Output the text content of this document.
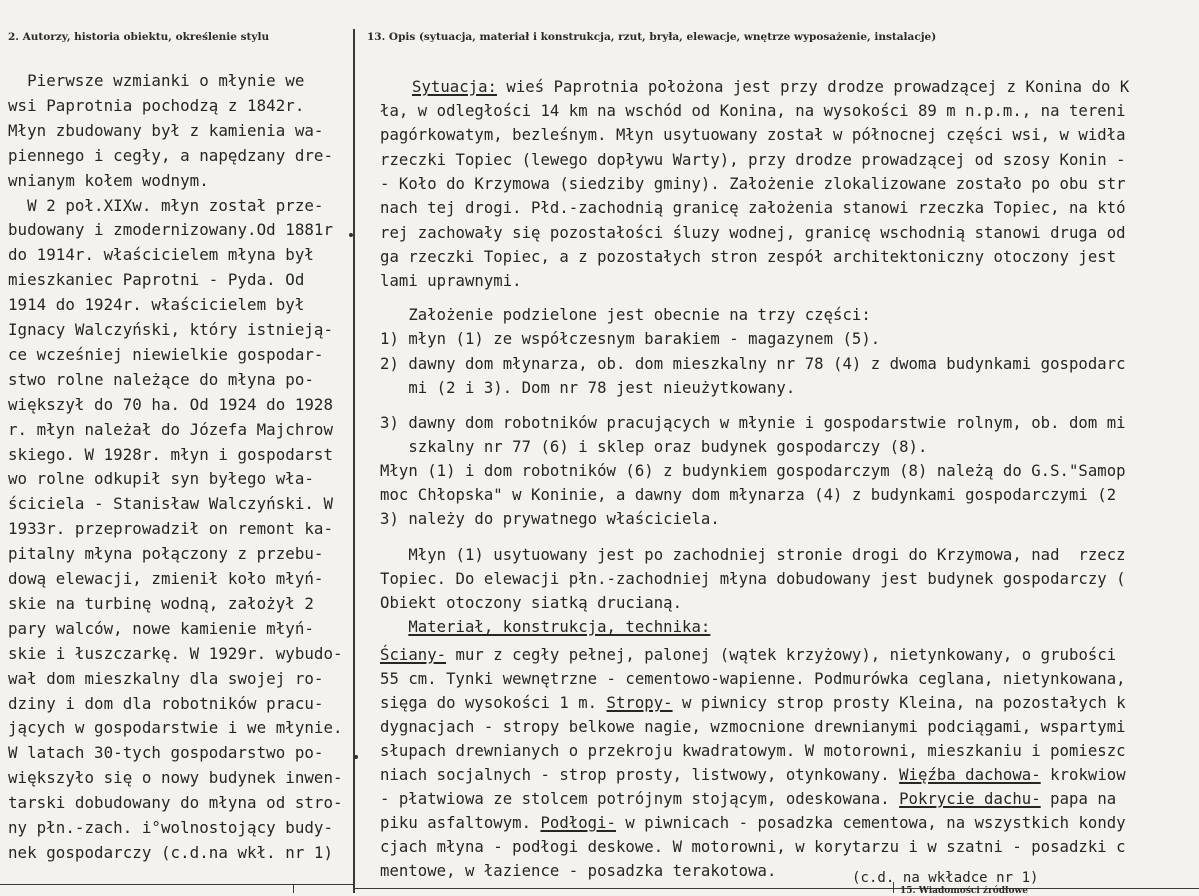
2. Autorzy, historia obiektu, określenie stylu	13. Opis (sytuacja, materiał i konstrukcja, rzut, bryła, elewacje, wnętrze wyposażenie, instalacje)
Pierwsze wzmianki o młynie we
wsi Paprotnia pochodzą z 1842r.
Młyn zbudowany był z kamienia wa-
piennego i cegły, a napędzany dre-
wnianym kołem wodnym.
W 2 poł.XIXw. młyn został prze-
budowany i zmodernizowany.Od 1881r
do 1914r. właścicielem młyna był
mieszkaniec Paprotni - Pyda. Od
1914 do 1924r. właścicielem był
Ignacy Walczyński, który istnieją-
ce wcześniej niewielkie gospodar-
stwo rolne należące do młyna po-
większył do 70 ha. Od 1924 do 1928
r. młyn należał do Józefa Majchrow
skiego. W 1928r. młyn i gospodarst
wo rolne odkupił syn byłego wła-
ściciela - Stanisław Walczyński. W
1933r. przeprowadził on remont ka-
pitalny młyna połączony z przebu-
dową elewacji, zmienił koło młyń-
skie na turbinę wodną, założył 2
pary walców, nowe kamienie młyń-
skie i łuszczarkę. W 1929r. wybudo-
wał dom mieszkalny dla swojej ro-
dziny i dom dla robotników pracu-
jących w gospodarstwie i we młynie.
W latach 30-tych gospodarstwo po-
większyło się o nowy budynek inwen-
tarski dobudowany do młyna od stro-
ny płn.-zach. i°wolnostojący budy-
nek gospodarczy (c.d.na wkł. nr 1)
Sytuacja: wieś Paprotnia położona jest przy drodze prowadzącej z Konina do K
ła, w odległości 14 km na wschód od Konina, na wysokości 89 m n.p.m., na tereni
pagórkowatym, bezleśnym. Młyn usytuowany został w północnej części wsi, w widła
rzeczki Topiec (lewego dopływu Warty), przy drodze prowadzącej od szosy Konin -
- Koło do Krzymowa (siedziby gminy). Założenie zlokalizowane zostało po obu str
nach tej drogi. Płd.-zachodnią granicę założenia stanowi rzeczka Topiec, na któ
rej zachowały się pozostałości śluzy wodnej, granicę wschodnią stanowi druga od
ga rzeczki Topiec, a z pozostałych stron zespół architektoniczny otoczony jest
lami uprawnymi.
Założenie podzielone jest obecnie na trzy części:
1) młyn (1) ze współczesnym barakiem - magazynem (5).
2) dawny dom młynarza, ob. dom mieszkalny nr 78 (4) z dwoma budynkami gospodarc
mi (2 i 3). Dom nr 78 jest nieużytkowany.
3) dawny dom robotników pracujących w młynie i gospodarstwie rolnym, ob. dom mi
szkalny nr 77 (6) i sklep oraz budynek gospodarczy (8).
Młyn (1) i dom robotników (6) z budynkiem gospodarczym (8) należą do G.S."Samop
moc Chłopska" w Koninie, a dawny dom młynarza (4) z budynkami gospodarczymi (2
3) należy do prywatnego właściciela.
Młyn (1) usytuowany jest po zachodniej stronie drogi do Krzymowa, nad  rzecz
Topiec. Do elewacji płn.-zachodniej młyna dobudowany jest budynek gospodarczy (
Obiekt otoczony siatką drucianą.
Materiał, konstrukcja, technika:
Ściany- mur z cegły pełnej, palonej (wątek krzyżowy), nietynkowany, o grubości
55 cm. Tynki wewnętrzne - cementowo-wapienne. Podmurówka ceglana, nietynkowana,
sięga do wysokości 1 m. Stropy- w piwnicy strop prosty Kleina, na pozostałych k
dygnacjach - stropy belkowe nagie, wzmocnione drewnianymi podciągami, wspartymi
słupach drewnianych o przekroju kwadratowym. W motorowni, mieszkaniu i pomieszc
niach socjalnych - strop prosty, listwowy, otynkowany. Więźba dachowa- krokwiow
- płatwiowa ze stolcem potrójnym stojącym, odeskowana. Pokrycie dachu- papa na
piku asfaltowym. Podłogi- w piwnicach - posadzka cementowa, na wszystkich kondy
cjach młyna - podłogi deskowe. W motorowni, w korytarzu i w szatni - posadzki c
mentowe, w łazience - posadzka terakotowa.	(c.d. na wkładce nr 1)
15. Wiadomości źródłowe
